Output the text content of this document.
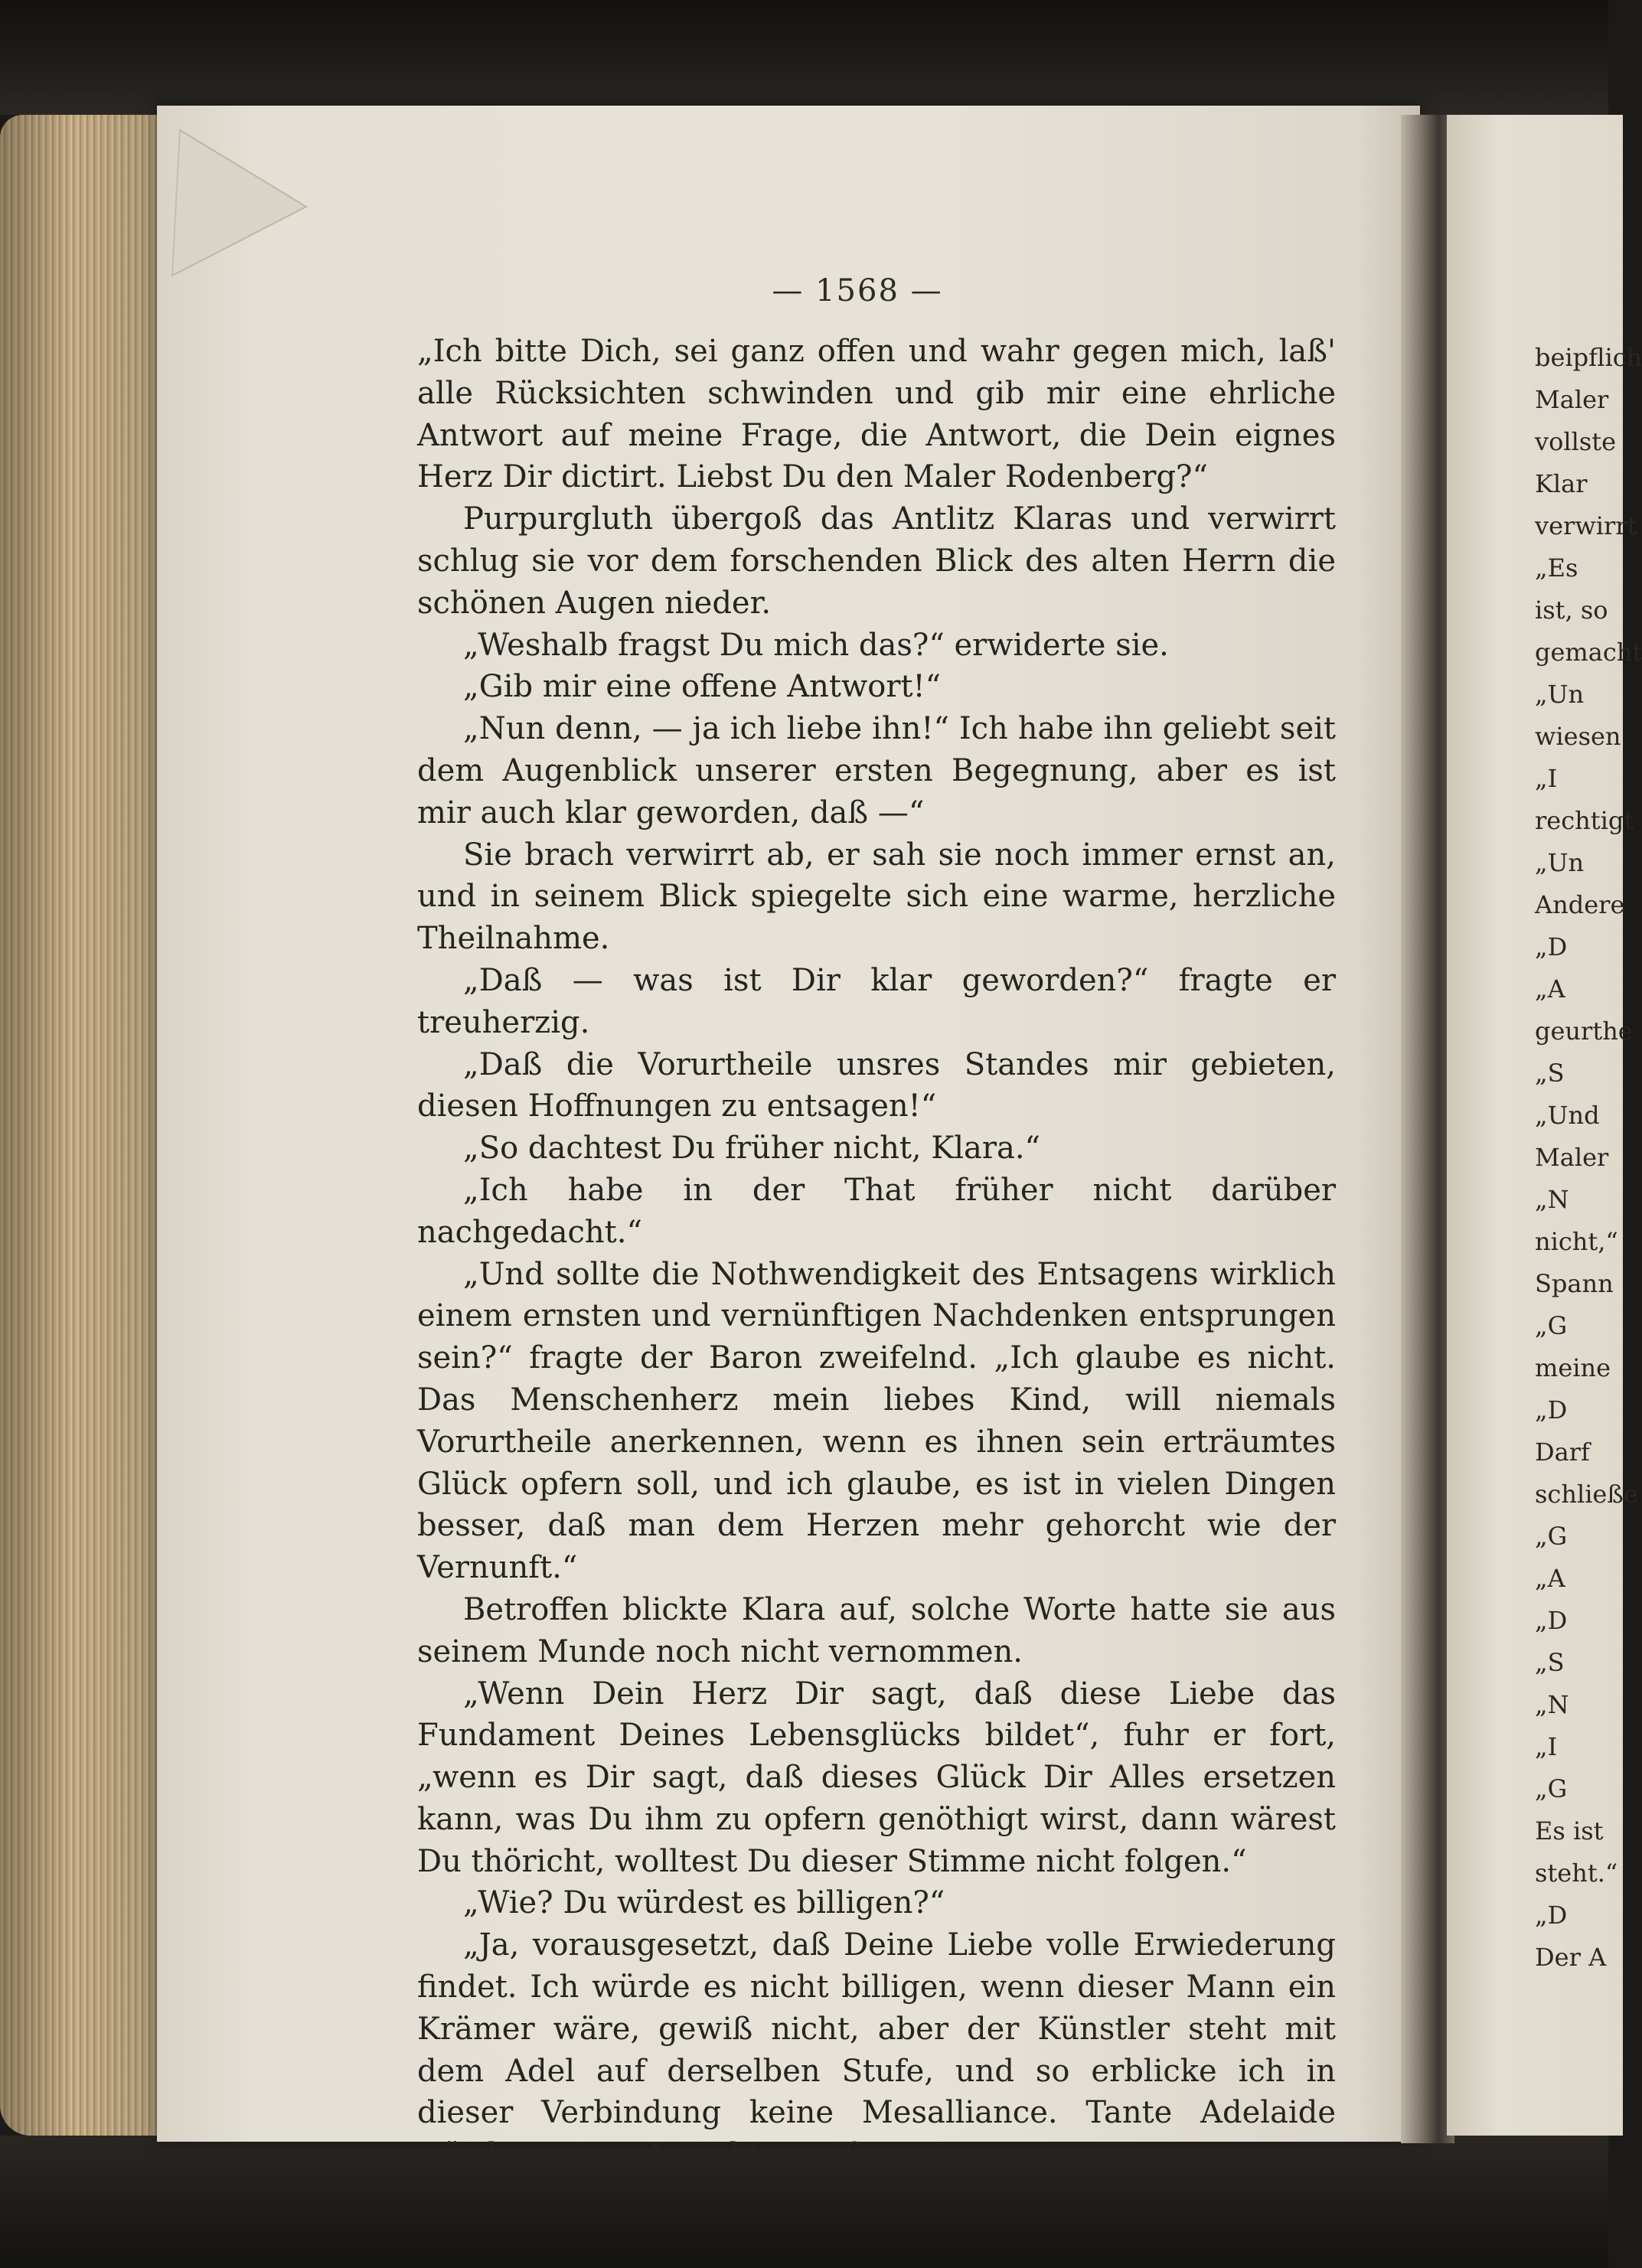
— 1568 —

„Ich bitte Dich, sei ganz offen und wahr gegen mich, laß' alle Rücksichten schwinden und gib mir eine ehrliche Antwort auf meine Frage, die Antwort, die Dein eignes Herz Dir dictirt. Liebst Du den Maler Rodenberg?“

Purpurgluth übergoß das Antlitz Klaras und verwirrt schlug sie vor dem forschenden Blick des alten Herrn die schönen Augen nieder.

„Weshalb fragst Du mich das?“ erwiderte sie.

„Gib mir eine offene Antwort!“

„Nun denn, — ja ich liebe ihn!“ Ich habe ihn geliebt seit dem Augenblick unserer ersten Begegnung, aber es ist mir auch klar geworden, daß —“

Sie brach verwirrt ab, er sah sie noch immer ernst an, und in seinem Blick spiegelte sich eine warme, herzliche Theilnahme.

„Daß — was ist Dir klar geworden?“ fragte er treuherzig.

„Daß die Vorurtheile unsres Standes mir gebieten, diesen Hoffnungen zu entsagen!“

„So dachtest Du früher nicht, Klara.“

„Ich habe in der That früher nicht darüber nachgedacht.“

„Und sollte die Nothwendigkeit des Entsagens wirklich einem ernsten und vernünftigen Nachdenken entsprungen sein?“ fragte der Baron zweifelnd. „Ich glaube es nicht. Das Menschenherz mein liebes Kind, will niemals Vorurtheile anerkennen, wenn es ihnen sein erträumtes Glück opfern soll, und ich glaube, es ist in vielen Dingen besser, daß man dem Herzen mehr gehorcht wie der Vernunft.“

Betroffen blickte Klara auf, solche Worte hatte sie aus seinem Munde noch nicht vernommen.

„Wenn Dein Herz Dir sagt, daß diese Liebe das Fundament Deines Lebensglücks bildet“, fuhr er fort, „wenn es Dir sagt, daß dieses Glück Dir Alles ersetzen kann, was Du ihm zu opfern genöthigt wirst, dann wärest Du thöricht, wolltest Du dieser Stimme nicht folgen.“

„Wie? Du würdest es billigen?“

„Ja, vorausgesetzt, daß Deine Liebe volle Erwiederung findet. Ich würde es nicht billigen, wenn dieser Mann ein Krämer wäre, gewiß nicht, aber der Künstler steht mit dem Adel auf derselben Stufe, und so erblicke ich in dieser Verbindung keine Mesalliance. Tante Adelaide würde meiner Ansicht gewiß

beipflich
Maler
vollste
Klar
verwirrt
„Es
ist, so
gemacht
„Un
wiesen
„I
rechtigt
„Un
Andere
„D
„A
geurthe
„S
„Und
Maler
„N
nicht,“
Spann
„G
meine
„D
Darf
schließe
„G
„A
„D
„S
„N
„I
„G
Es ist
steht.“
„D
Der A
